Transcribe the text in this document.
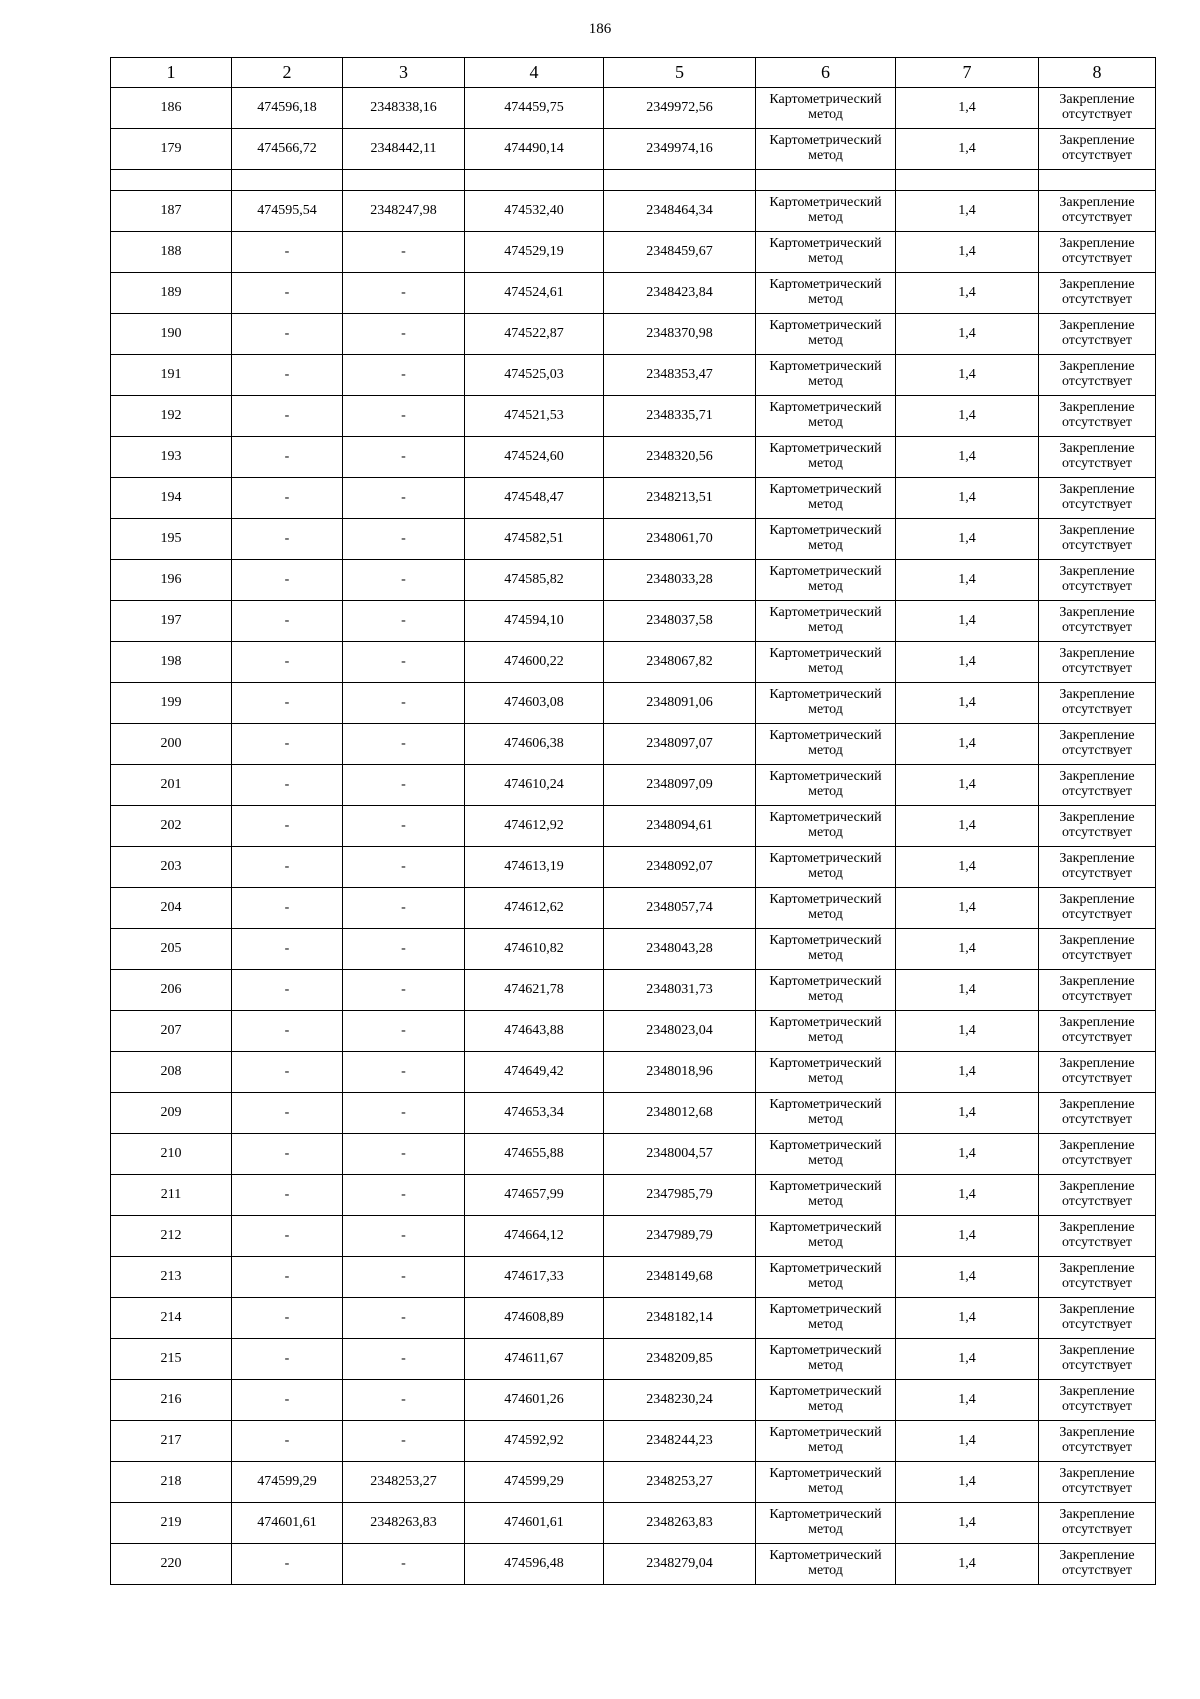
186
1	2	3	4	5	6	7	8
186	474596,18	2348338,16	474459,75	2349972,56	Картометрический метод	1,4	Закрепление отсутствует
179	474566,72	2348442,11	474490,14	2349974,16	Картометрический метод	1,4	Закрепление отсутствует

187	474595,54	2348247,98	474532,40	2348464,34	Картометрический метод	1,4	Закрепление отсутствует
188	-	-	474529,19	2348459,67	Картометрический метод	1,4	Закрепление отсутствует
189	-	-	474524,61	2348423,84	Картометрический метод	1,4	Закрепление отсутствует
190	-	-	474522,87	2348370,98	Картометрический метод	1,4	Закрепление отсутствует
191	-	-	474525,03	2348353,47	Картометрический метод	1,4	Закрепление отсутствует
192	-	-	474521,53	2348335,71	Картометрический метод	1,4	Закрепление отсутствует
193	-	-	474524,60	2348320,56	Картометрический метод	1,4	Закрепление отсутствует
194	-	-	474548,47	2348213,51	Картометрический метод	1,4	Закрепление отсутствует
195	-	-	474582,51	2348061,70	Картометрический метод	1,4	Закрепление отсутствует
196	-	-	474585,82	2348033,28	Картометрический метод	1,4	Закрепление отсутствует
197	-	-	474594,10	2348037,58	Картометрический метод	1,4	Закрепление отсутствует
198	-	-	474600,22	2348067,82	Картометрический метод	1,4	Закрепление отсутствует
199	-	-	474603,08	2348091,06	Картометрический метод	1,4	Закрепление отсутствует
200	-	-	474606,38	2348097,07	Картометрический метод	1,4	Закрепление отсутствует
201	-	-	474610,24	2348097,09	Картометрический метод	1,4	Закрепление отсутствует
202	-	-	474612,92	2348094,61	Картометрический метод	1,4	Закрепление отсутствует
203	-	-	474613,19	2348092,07	Картометрический метод	1,4	Закрепление отсутствует
204	-	-	474612,62	2348057,74	Картометрический метод	1,4	Закрепление отсутствует
205	-	-	474610,82	2348043,28	Картометрический метод	1,4	Закрепление отсутствует
206	-	-	474621,78	2348031,73	Картометрический метод	1,4	Закрепление отсутствует
207	-	-	474643,88	2348023,04	Картометрический метод	1,4	Закрепление отсутствует
208	-	-	474649,42	2348018,96	Картометрический метод	1,4	Закрепление отсутствует
209	-	-	474653,34	2348012,68	Картометрический метод	1,4	Закрепление отсутствует
210	-	-	474655,88	2348004,57	Картометрический метод	1,4	Закрепление отсутствует
211	-	-	474657,99	2347985,79	Картометрический метод	1,4	Закрепление отсутствует
212	-	-	474664,12	2347989,79	Картометрический метод	1,4	Закрепление отсутствует
213	-	-	474617,33	2348149,68	Картометрический метод	1,4	Закрепление отсутствует
214	-	-	474608,89	2348182,14	Картометрический метод	1,4	Закрепление отсутствует
215	-	-	474611,67	2348209,85	Картометрический метод	1,4	Закрепление отсутствует
216	-	-	474601,26	2348230,24	Картометрический метод	1,4	Закрепление отсутствует
217	-	-	474592,92	2348244,23	Картометрический метод	1,4	Закрепление отсутствует
218	474599,29	2348253,27	474599,29	2348253,27	Картометрический метод	1,4	Закрепление отсутствует
219	474601,61	2348263,83	474601,61	2348263,83	Картометрический метод	1,4	Закрепление отсутствует
220	-	-	474596,48	2348279,04	Картометрический метод	1,4	Закрепление отсутствует
